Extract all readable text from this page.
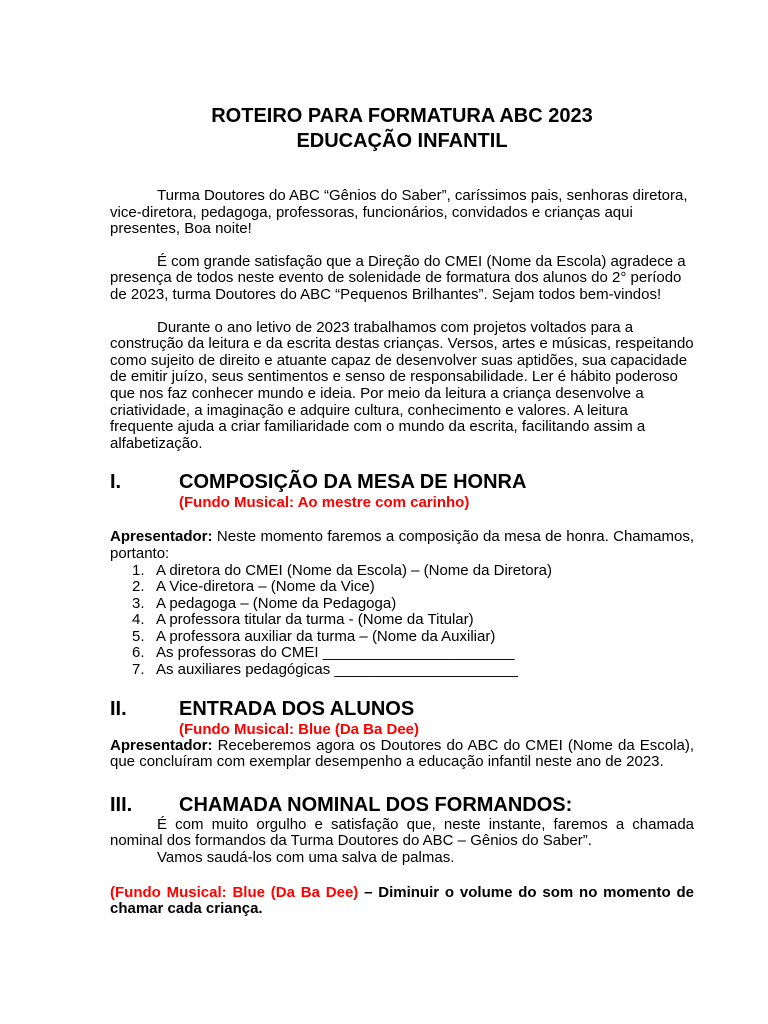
ROTEIRO PARA FORMATURA ABC 2023

EDUCAÇÃO INFANTIL

Turma Doutores do ABC “Gênios do Saber”, caríssimos pais, senhoras diretora, vice-diretora, pedagoga, professoras, funcionários, convidados e crianças aqui presentes, Boa noite!

É com grande satisfação que a Direção do CMEI (Nome da Escola) agradece a presença de todos neste evento de solenidade de formatura dos alunos do 2° período de 2023, turma Doutores do ABC “Pequenos Brilhantes”. Sejam todos bem-vindos!

Durante o ano letivo de 2023 trabalhamos com projetos voltados para a construção da leitura e da escrita destas crianças. Versos, artes e músicas, respeitando como sujeito de direito e atuante capaz de desenvolver suas aptidões, sua capacidade de emitir juízo, seus sentimentos e senso de responsabilidade. Ler é hábito poderoso que nos faz conhecer mundo e ideia. Por meio da leitura a criança desenvolve a criatividade, a imaginação e adquire cultura, conhecimento e valores. A leitura frequente ajuda a criar familiaridade com o mundo da escrita, facilitando assim a alfabetização.

I.	COMPOSIÇÃO DA MESA DE HONRA

(Fundo Musical: Ao mestre com carinho)

Apresentador: Neste momento faremos a composição da mesa de honra. Chamamos, portanto:

1. A diretora do CMEI (Nome da Escola) – (Nome da Diretora)
2. A Vice-diretora – (Nome da Vice)
3. A pedagoga – (Nome da Pedagoga)
4. A professora titular da turma - (Nome da Titular)
5. A professora auxiliar da turma – (Nome da Auxiliar)
6. As professoras do CMEI _______________________
7. As auxiliares pedagógicas ______________________
II.	ENTRADA DOS ALUNOS

(Fundo Musical: Blue (Da Ba Dee)

Apresentador: Receberemos agora os Doutores do ABC do CMEI (Nome da Escola), que concluíram com exemplar desempenho a educação infantil neste ano de 2023.

III. CHAMADA NOMINAL DOS FORMANDOS:

É com muito orgulho e satisfação que, neste instante, faremos a chamada nominal dos formandos da Turma Doutores do ABC – Gênios do Saber”.

Vamos saudá-los com uma salva de palmas.

(Fundo Musical: Blue (Da Ba Dee) – Diminuir o volume do som no momento de chamar cada criança.
